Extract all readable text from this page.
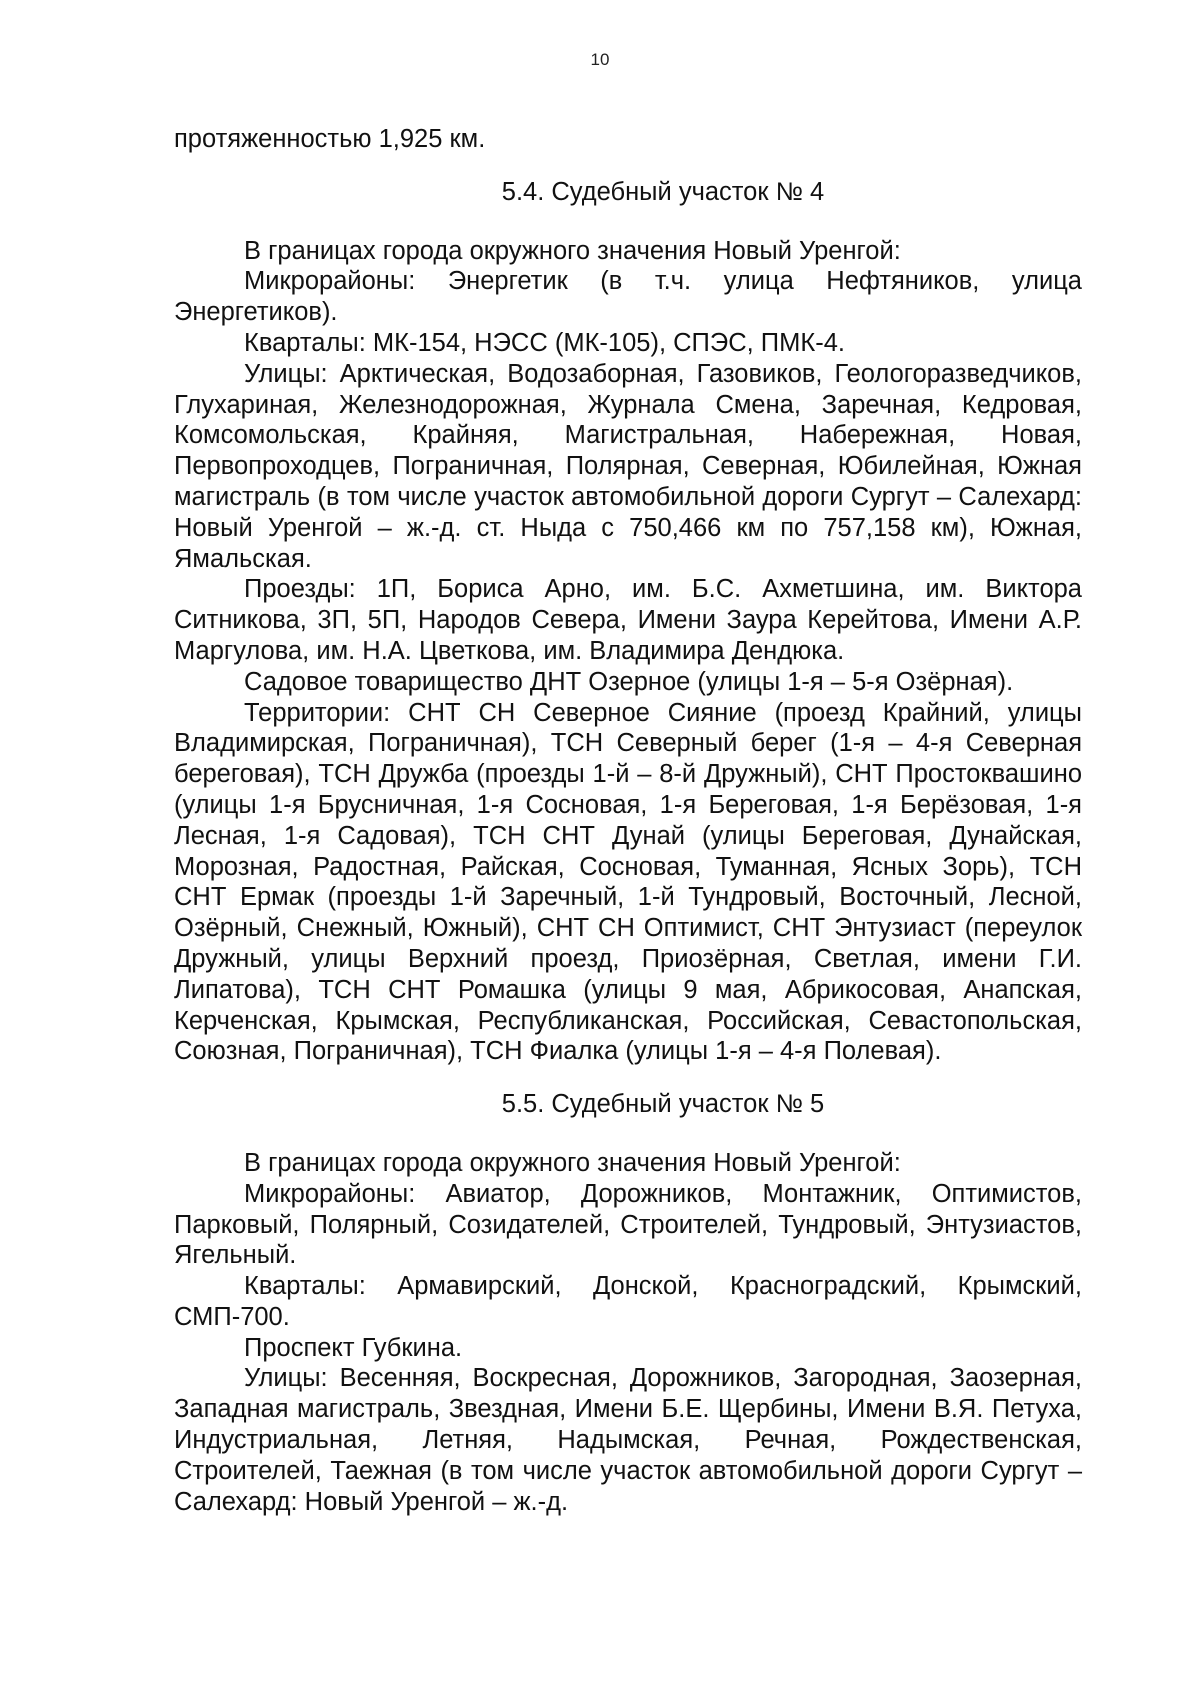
10

протяженностью 1,925 км.

5.4. Судебный участок № 4

В границах города окружного значения Новый Уренгой:

Микрорайоны: Энергетик (в т.ч. улица Нефтяников, улица Энергетиков).

Кварталы: МК-154, НЭСС (МК-105), СПЭС, ПМК-4.

Улицы: Арктическая, Водозаборная, Газовиков, Геологоразведчиков, Глухариная, Железнодорожная, Журнала Смена, Заречная, Кедровая, Комсомольская, Крайняя, Магистральная, Набережная, Новая, Первопроходцев, Пограничная, Полярная, Северная, Юбилейная, Южная магистраль (в том числе участок автомобильной дороги Сургут – Салехард: Новый Уренгой – ж.-д. ст. Ныда с 750,466 км по 757,158 км), Южная, Ямальская.

Проезды: 1П, Бориса Арно, им. Б.С. Ахметшина, им. Виктора Ситникова, 3П, 5П, Народов Севера, Имени Заура Керейтова, Имени А.Р. Маргулова, им. Н.А. Цветкова, им. Владимира Дендюка.

Садовое товарищество ДНТ Озерное (улицы 1-я – 5-я Озёрная).

Территории: СНТ СН Северное Сияние (проезд Крайний, улицы Владимирская, Пограничная), ТСН Северный берег (1-я – 4-я Северная береговая), ТСН Дружба (проезды 1-й – 8-й Дружный), СНТ Простоквашино (улицы 1-я Брусничная, 1-я Сосновая, 1-я Береговая, 1-я Берёзовая, 1-я Лесная, 1-я Садовая), ТСН СНТ Дунай (улицы Береговая, Дунайская, Морозная, Радостная, Райская, Сосновая, Туманная, Ясных Зорь), ТСН СНТ Ермак (проезды 1-й Заречный, 1-й Тундровый, Восточный, Лесной, Озёрный, Снежный, Южный), СНТ СН Оптимист, СНТ Энтузиаст (переулок Дружный, улицы Верхний проезд, Приозёрная, Светлая, имени Г.И. Липатова), ТСН СНТ Ромашка (улицы 9 мая, Абрикосовая, Анапская, Керченская, Крымская, Республиканская, Российская, Севастопольская, Союзная, Пограничная), ТСН Фиалка (улицы 1-я – 4-я Полевая).

5.5. Судебный участок № 5

В границах города окружного значения Новый Уренгой:

Микрорайоны: Авиатор, Дорожников, Монтажник, Оптимистов, Парковый, Полярный, Созидателей, Строителей, Тундровый, Энтузиастов, Ягельный.

Кварталы: Армавирский, Донской, Красноградский, Крымский, СМП-700.

Проспект Губкина.

Улицы: Весенняя, Воскресная, Дорожников, Загородная, Заозерная, Западная магистраль, Звездная, Имени Б.Е. Щербины, Имени В.Я. Петуха, Индустриальная, Летняя, Надымская, Речная, Рождественская, Строителей, Таежная (в том числе участок автомобильной дороги Сургут – Салехард: Новый Уренгой – ж.-д.
